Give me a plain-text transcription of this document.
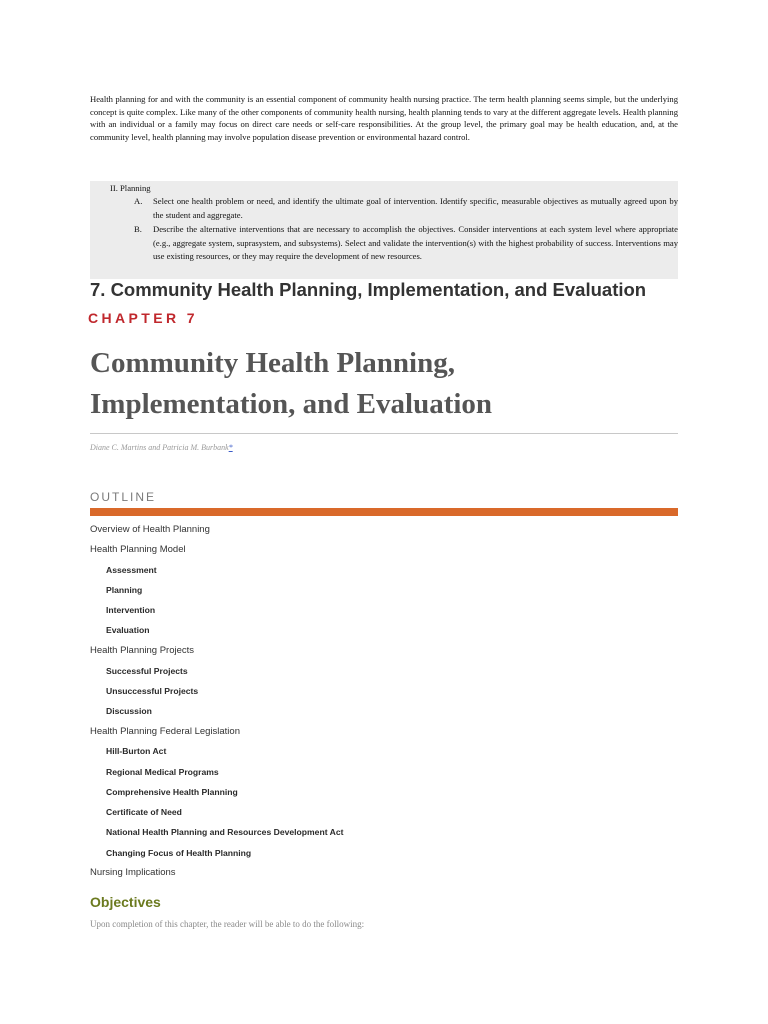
Health planning for and with the community is an essential component of community health nursing practice. The term health planning seems simple, but the underlying concept is quite complex. Like many of the other components of community health nursing, health planning tends to vary at the different aggregate levels. Health planning with an individual or a family may focus on direct care needs or self-care responsibilities. At the group level, the primary goal may be health education, and, at the community level, health planning may involve population disease prevention or environmental hazard control.

II. Planning

A.	Select one health problem or need, and identify the ultimate goal of intervention. Identify specific, measurable objectives as mutually agreed upon by the student and aggregate.

B.	Describe the alternative interventions that are necessary to accomplish the objectives. Consider interventions at each system level where appropriate (e.g., aggregate system, suprasystem, and subsystems). Select and validate the intervention(s) with the highest probability of success. Interventions may use existing resources, or they may require the development of new resources.

7. Community Health Planning, Implementation, and Evaluation

CHAPTER 7

Community Health Planning,
Implementation, and Evaluation

Diane C. Martins and Patricia M. Burbank*

OUTLINE

Overview of Health Planning
Health Planning Model
Assessment
Planning
Intervention
Evaluation
Health Planning Projects
Successful Projects
Unsuccessful Projects
Discussion
Health Planning Federal Legislation
Hill-Burton Act
Regional Medical Programs
Comprehensive Health Planning
Certificate of Need
National Health Planning and Resources Development Act
Changing Focus of Health Planning
Nursing Implications
Objectives

Upon completion of this chapter, the reader will be able to do the following:
